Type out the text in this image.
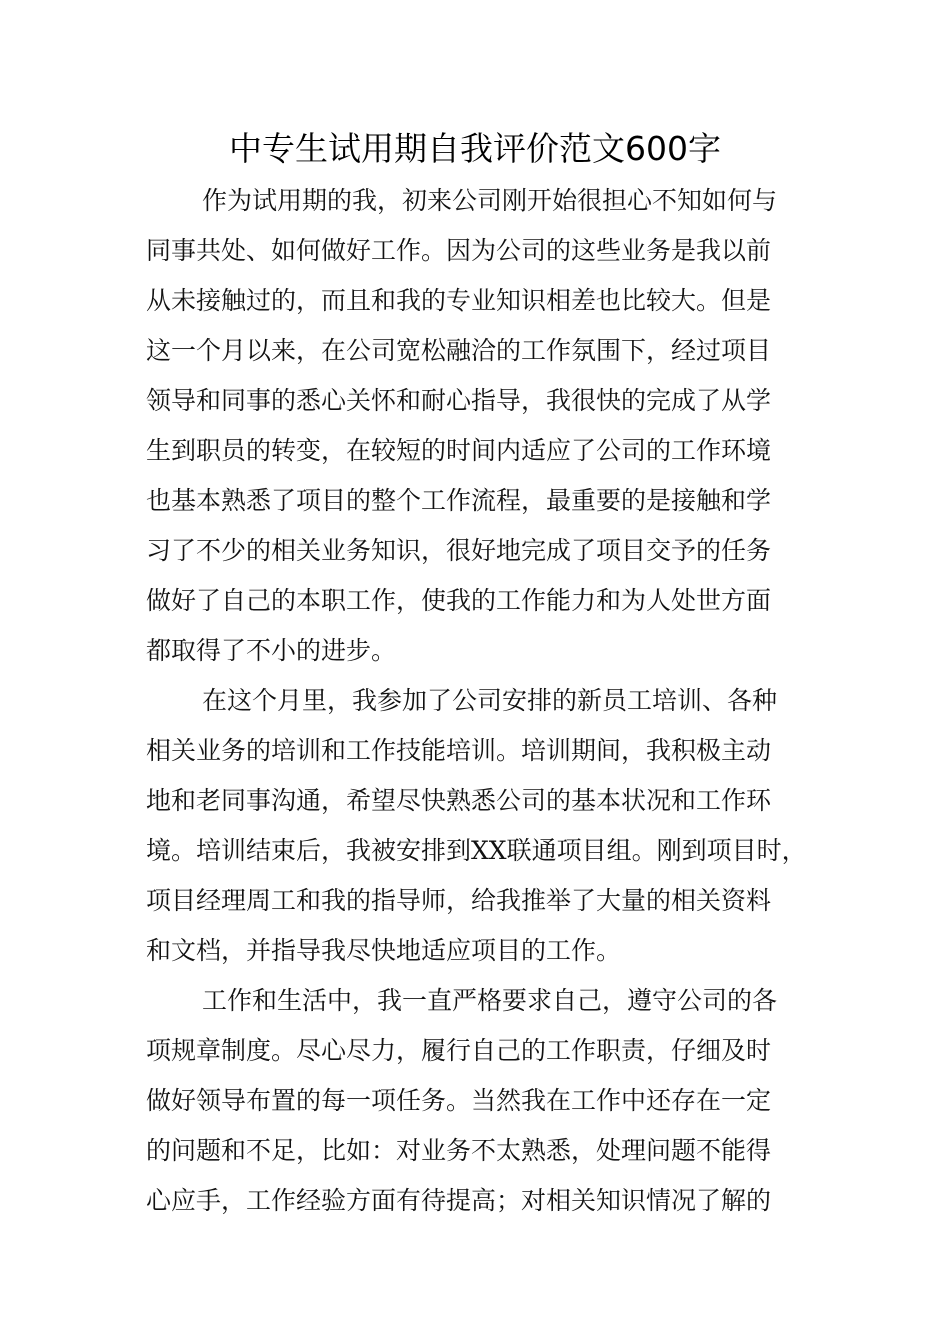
中专生试用期自我评价范文600字
作为试用期的我，初来公司刚开始很担心不知如何与
同事共处、如何做好工作。因为公司的这些业务是我以前
从未接触过的，而且和我的专业知识相差也比较大。但是
这一个月以来，在公司宽松融洽的工作氛围下，经过项目
领导和同事的悉心关怀和耐心指导，我很快的完成了从学
生到职员的转变，在较短的时间内适应了公司的工作环境
也基本熟悉了项目的整个工作流程，最重要的是接触和学
习了不少的相关业务知识，很好地完成了项目交予的任务
做好了自己的本职工作，使我的工作能力和为人处世方面
都取得了不小的进步。
在这个月里，我参加了公司安排的新员工培训、各种
相关业务的培训和工作技能培训。培训期间，我积极主动
地和老同事沟通，希望尽快熟悉公司的基本状况和工作环
境。培训结束后，我被安排到XX联通项目组。刚到项目时，
项目经理周工和我的指导师，给我推举了大量的相关资料
和文档，并指导我尽快地适应项目的工作。
工作和生活中，我一直严格要求自己，遵守公司的各
项规章制度。尽心尽力，履行自己的工作职责，仔细及时
做好领导布置的每一项任务。当然我在工作中还存在一定
的问题和不足，比如：对业务不太熟悉，处理问题不能得
心应手，工作经验方面有待提高；对相关知识情况了解的
